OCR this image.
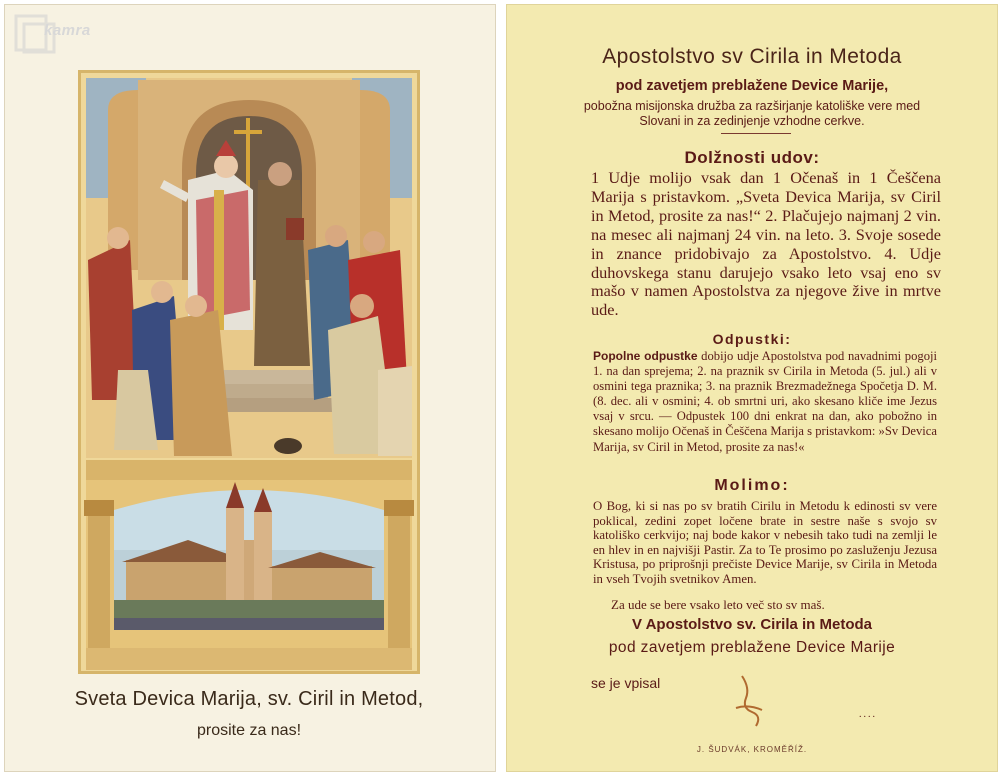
kamra
Sveta Devica Marija, sv. Ciril in Metod,
prosite za nas!
Apostolstvo sv Cirila in Metoda
pod zavetjem preblažene Device Marije,
pobožna misijonska družba za razširjanje katoliške vere med Slovani in za zedinjenje vzhodne cerkve.
Dolžnosti udov:
1 Udje molijo vsak dan 1 Očenaš in 1 Češčena Marija s pristavkom. „Sveta Devica Marija, sv Ciril in Metod, prosite za nas!“ 2. Plačujejo najmanj 2 vin. na mesec ali najmanj 24 vin. na leto. 3. Svoje sosede in znance pridobivajo za Apostolstvo. 4. Udje duhovskega stanu darujejo vsako leto vsaj eno sv mašo v namen Apostolstva za njegove žive in mrtve ude.
Odpustki:
Popolne odpustke dobijo udje Apostolstva pod navadnimi pogoji 1. na dan sprejema; 2. na praznik sv Cirila in Metoda (5. jul.) ali v osmini tega praznika; 3. na praznik Brezmadežnega Spočetja D. M. (8. dec. ali v osmini; 4. ob smrtni uri, ako skesano kliče ime Jezus vsaj v srcu. — Odpustek 100 dni enkrat na dan, ako pobožno in skesano molijo Očenaš in Češčena Marija s pristavkom: »Sv Devica Marija, sv Ciril in Metod, prosite za nas!«
Molimo:
O Bog, ki si nas po sv bratih Cirilu in Metodu k edinosti sv vere poklical, zedini zopet ločene brate in sestre naše s svojo sv katoliško cerkvijo; naj bode kakor v nebesih tako tudi na zemlji le en hlev in en najvišji Pastir. Za to Te prosimo po zasluženju Jezusa Kristusa, po priprošnji prečiste Device Marije, sv Cirila in Metoda in vseh Tvojih svetnikov Amen.
Za ude se bere vsako leto več sto sv maš.
V Apostolstvo sv. Cirila in Metoda
pod zavetjem preblažene Device Marije
se je vpisal
....
J. ŠUDVÁK, KROMĚŘÍŽ.
